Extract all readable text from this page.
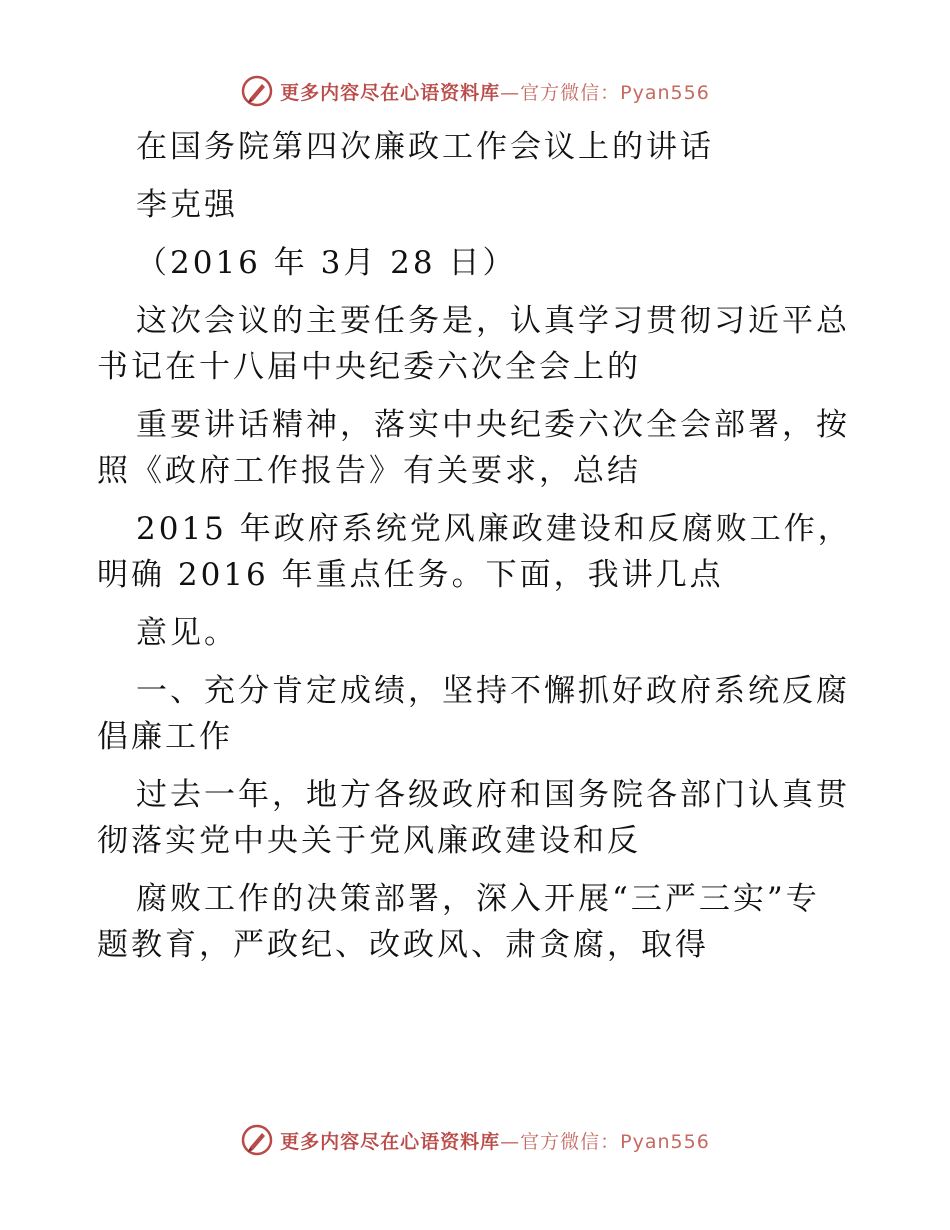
更多内容尽在心语资料库—官方微信：Pyan556
在国务院第四次廉政工作会议上的讲话
李克强
（2016 年 3月 28 日）
这次会议的主要任务是，认真学习贯彻习近平总
书记在十八届中央纪委六次全会上的
重要讲话精神，落实中央纪委六次全会部署，按
照《政府工作报告》有关要求，总结
2015 年政府系统党风廉政建设和反腐败工作，
明确 2016 年重点任务。下面，我讲几点
意见。
一、充分肯定成绩，坚持不懈抓好政府系统反腐
倡廉工作
过去一年，地方各级政府和国务院各部门认真贯
彻落实党中央关于党风廉政建设和反
腐败工作的决策部署，深入开展“三严三实”专
题教育，严政纪、改政风、肃贪腐，取得
更多内容尽在心语资料库—官方微信：Pyan556
